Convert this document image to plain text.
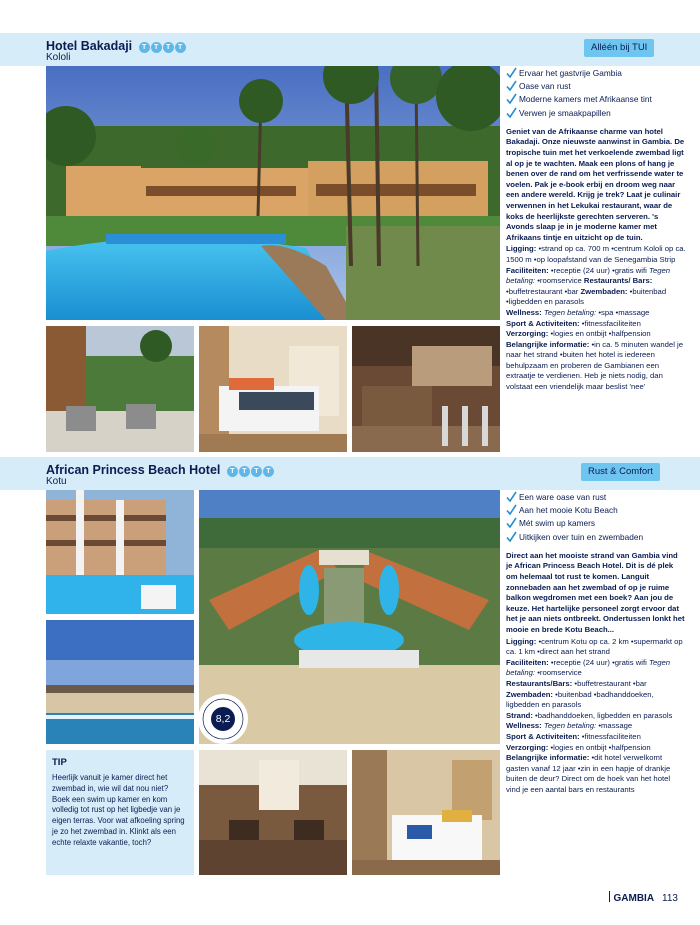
Hotel Bakadaji T T T T
Kololi
Alléén bij TUI
Ervaar het gastvrije Gambia
Oase van rust
Moderne kamers met Afrikaanse tint
Verwen je smaakpapillen

Geniet van de Afrikaanse charme van hotel Bakadaji. Onze nieuwste aanwinst in Gambia. De tropische tuin met het verkoelende zwembad ligt al op je te wachten. Maak een plons of hang je benen over de rand om het verfrissende water te voelen. Pak je e-book erbij en droom weg naar een andere wereld. Krijg je trek? Laat je culinair verwennen in het Lekukai restaurant, waar de koks de heerlijkste gerechten serveren. 's Avonds slaap je in je moderne kamer met Afrikaans tintje en uitzicht op de tuin.

Ligging: •strand op ca. 700 m •centrum Kololi op ca. 1500 m •op loopafstand van de Senegambia Strip

Faciliteiten: •receptie (24 uur) •gratis wifi Tegen betaling: •roomservice Restaurants/ Bars: •buffetrestaurant •bar Zwembaden: •buitenbad •ligbedden en parasols

Wellness: Tegen betaling: •spa •massage

Sport & Activiteiten: •fitnessfaciliteiten

Verzorging: •logies en ontbijt •halfpension

Belangrijke informatie: •in ca. 5 minuten wandel je naar het strand •buiten het hotel is iedereen behulpzaam en proberen de Gambianen een extraatje te verdienen. Heb je niets nodig, dan volstaat een vriendelijk maar beslist 'nee'

African Princess Beach Hotel T T T T
Kotu
Rust & Comfort
8,2
TIP
Heerlijk vanuit je kamer direct het zwembad in, wie wil dat nou niet? Boek een swim up kamer en kom volledig tot rust op het ligbedje van je eigen terras. Voor wat afkoeling spring je zo het zwembad in. Klinkt als een echte relaxte vakantie, toch?
Een ware oase van rust
Aan het mooie Kotu Beach
Mét swim up kamers
Uitkijken over tuin en zwembaden

Direct aan het mooiste strand van Gambia vind je African Princess Beach Hotel. Dit is dé plek om helemaal tot rust te komen. Languit zonnebaden aan het zwembad of op je ruime balkon wegdromen met een boek? Aan jou de keuze. Het hartelijke personeel zorgt ervoor dat het je aan niets ontbreekt. Ondertussen lonkt het mooie en brede Kotu Beach...

Ligging: •centrum Kotu op ca. 2 km •supermarkt op ca. 1 km •direct aan het strand

Faciliteiten: •receptie (24 uur) •gratis wifi Tegen betaling: •roomservice

Restaurants/Bars: •buffetrestaurant •bar

Zwembaden: •buitenbad •badhanddoeken, ligbedden en parasols

Strand: •badhanddoeken, ligbedden en parasols

Wellness: Tegen betaling: •massage

Sport & Activiteiten: •fitnessfaciliteiten

Verzorging: •logies en ontbijt •halfpension

Belangrijke informatie: •dit hotel verwelkomt gasten vanaf 12 jaar •zin in een hapje of drankje buiten de deur? Direct om de hoek van het hotel vind je een aantal bars en restaurants

GAMBIA 113
